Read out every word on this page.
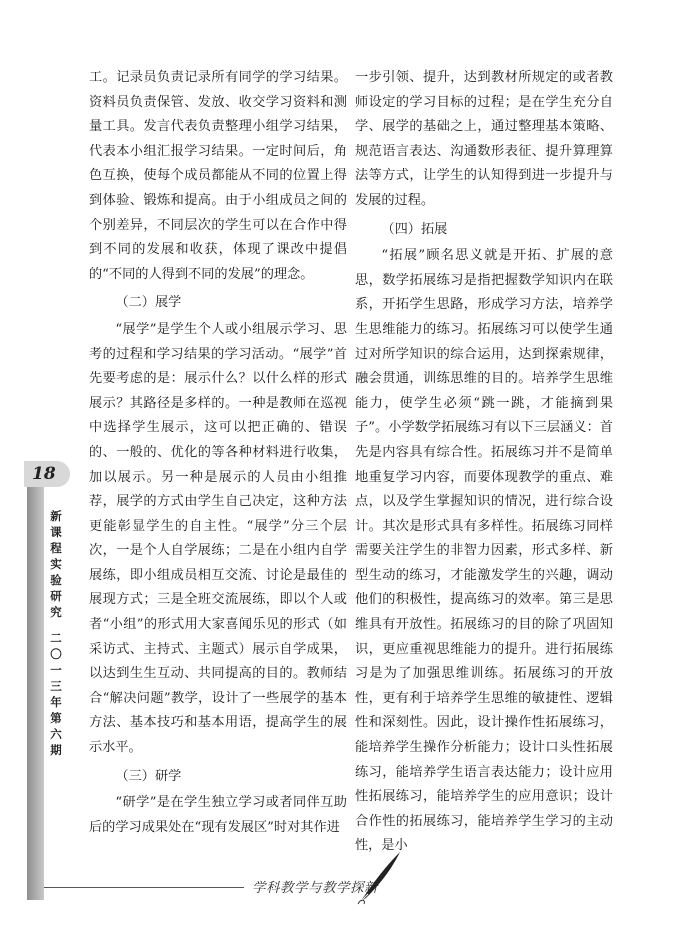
18
新课程实验研究
二〇一三年
第六期

工。记录员负责记录所有同学的学习结果。资料员负责保管、发放、收交学习资料和测量工具。发言代表负责整理小组学习结果，代表本小组汇报学习结果。一定时间后，角色互换，使每个成员都能从不同的位置上得到体验、锻炼和提高。由于小组成员之间的个别差异，不同层次的学生可以在合作中得到不同的发展和收获，体现了课改中提倡的“不同的人得到不同的发展”的理念。

（二）展学

“展学”是学生个人或小组展示学习、思考的过程和学习结果的学习活动。“展学”首先要考虑的是：展示什么？以什么样的形式展示？其路径是多样的。一种是教师在巡视中选择学生展示，这可以把正确的、错误的、一般的、优化的等各种材料进行收集，加以展示。另一种是展示的人员由小组推荐，展学的方式由学生自己决定，这种方法更能彰显学生的自主性。“展学”分三个层次，一是个人自学展练；二是在小组内自学展练，即小组成员相互交流、讨论是最佳的展现方式；三是全班交流展练，即以个人或者“小组”的形式用大家喜闻乐见的形式（如采访式、主持式、主题式）展示自学成果，以达到生生互动、共同提高的目的。教师结合“解决问题”教学，设计了一些展学的基本方法、基本技巧和基本用语，提高学生的展示水平。

（三）研学

“研学”是在学生独立学习或者同伴互助后的学习成果处在“现有发展区”时对其作进

一步引领、提升，达到教材所规定的或者教师设定的学习目标的过程；是在学生充分自学、展学的基础之上，通过整理基本策略、规范语言表达、沟通数形表征、提升算理算法等方式，让学生的认知得到进一步提升与发展的过程。

（四）拓展

“拓展”顾名思义就是开拓、扩展的意思，数学拓展练习是指把握数学知识内在联系，开拓学生思路，形成学习方法，培养学生思维能力的练习。拓展练习可以使学生通过对所学知识的综合运用，达到探索规律，融会贯通，训练思维的目的。培养学生思维能力，使学生必须“跳一跳，才能摘到果子”。小学数学拓展练习有以下三层涵义：首先是内容具有综合性。拓展练习并不是简单地重复学习内容，而要体现教学的重点、难点，以及学生掌握知识的情况，进行综合设计。其次是形式具有多样性。拓展练习同样需要关注学生的非智力因素，形式多样、新型生动的练习，才能激发学生的兴趣，调动他们的积极性，提高练习的效率。第三是思维具有开放性。拓展练习的目的除了巩固知识，更应重视思维能力的提升。进行拓展练习是为了加强思维训练。拓展练习的开放性，更有利于培养学生思维的敏捷性、逻辑性和深刻性。因此，设计操作性拓展练习，能培养学生操作分析能力；设计口头性拓展练习，能培养学生语言表达能力；设计应用性拓展练习，能培养学生的应用意识；设计合作性的拓展练习，能培养学生学习的主动性，是小

学科教学与教学探新
